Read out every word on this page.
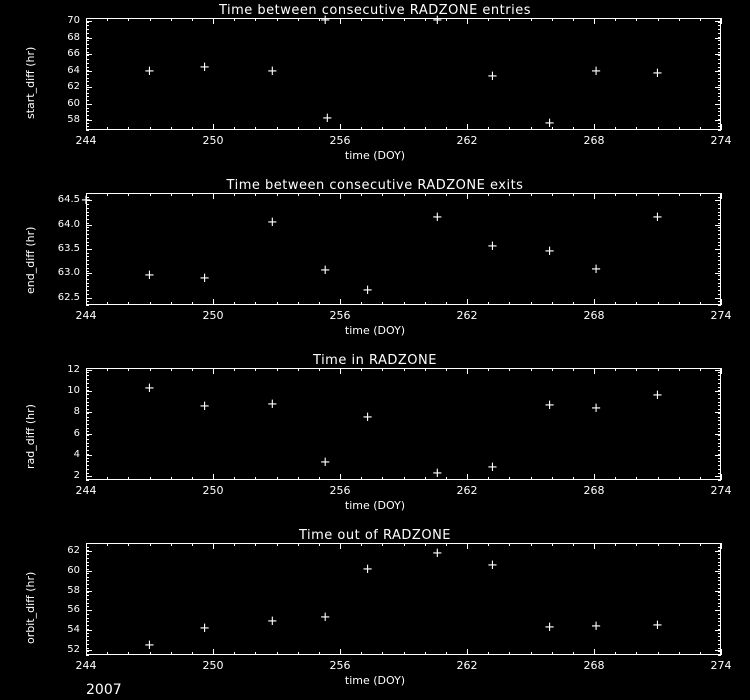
Time between consecutive RADZONE entries
58
60
62
64
66
68
70
244	250	256	262	268	274
start_diff (hr)
time (DOY)
+
+
+
+
+
+
+
+
+
+
Time between consecutive RADZONE exits
62.5
63.0
63.5
64.0
64.5
244	250	256	262	268	274
end_diff (hr)
time (DOY)
+
+
+
+
+
+
+
+
+
+
+
Time in RADZONE
2
4
6
8
10
12
244	250	256	262	268	274
rad_diff (hr)
time (DOY)
+
+
+
+
+
+
+
+
+
+
Time out of RADZONE
52
54
56
58
60
62
244	250	256	262	268	274
orbit_diff (hr)
time (DOY)
+
+
+
+
+
+
+
+
+
+
2007
